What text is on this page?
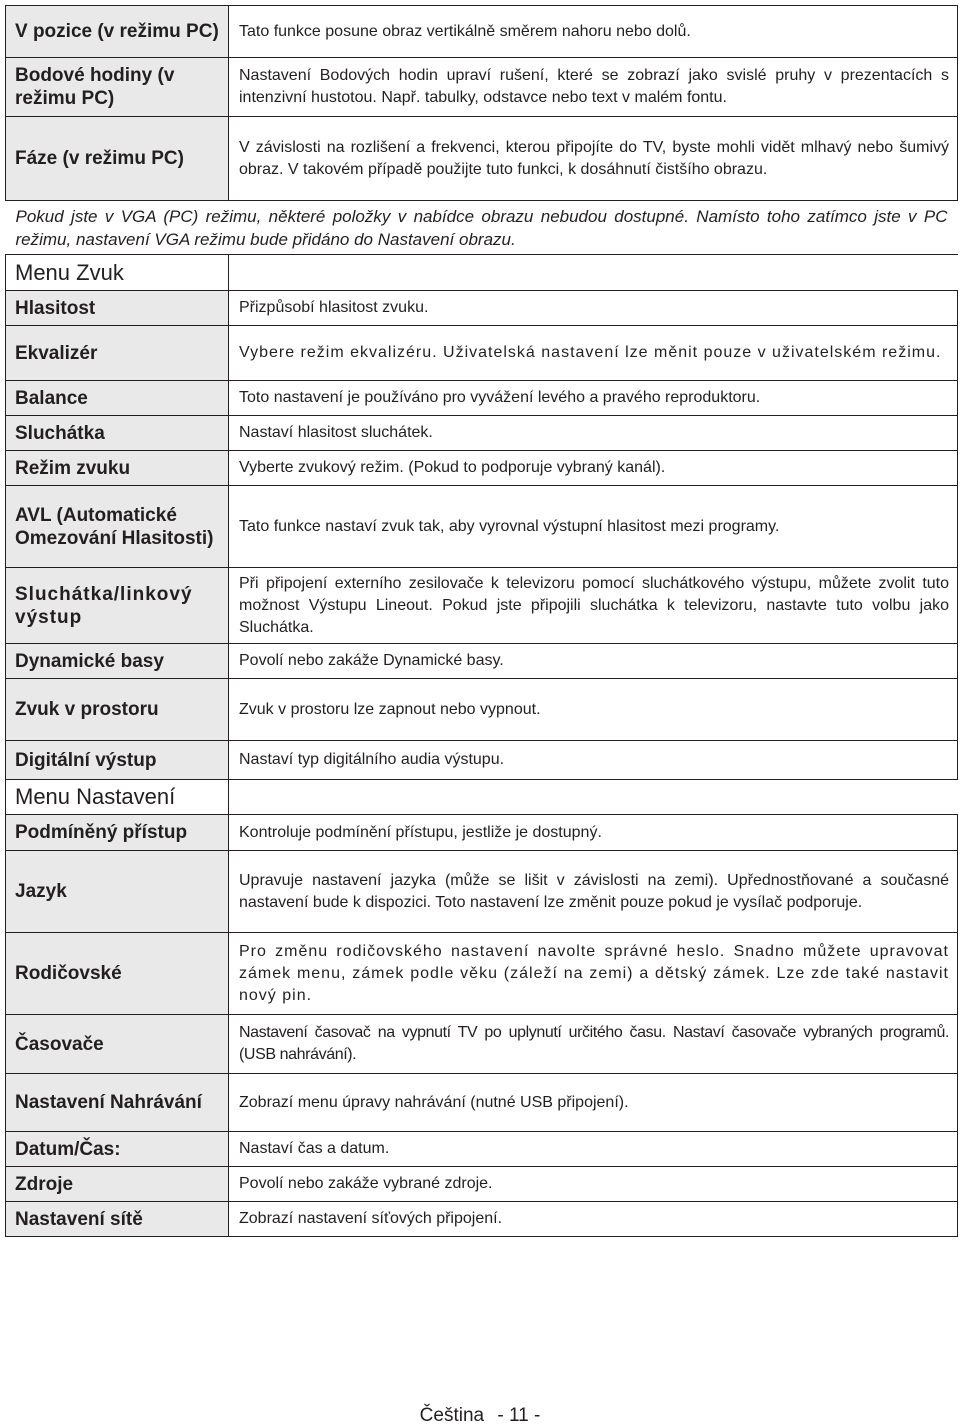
V pozice (v režimu PC)	Tato funkce posune obraz vertikálně směrem nahoru nebo dolů.
Bodové hodiny (v režimu PC)	Nastavení Bodových hodin upraví rušení, které se zobrazí jako svislé pruhy v prezentacích s intenzivní hustotou. Např. tabulky, odstavce nebo text v malém fontu.
Fáze (v režimu PC)	V závislosti na rozlišení a frekvenci, kterou připojíte do TV, byste mohli vidět mlhavý nebo šumivý obraz. V takovém případě použijte tuto funkci, k dosáhnutí čistšího obrazu.
Pokud jste v VGA (PC) režimu, některé položky v nabídce obrazu nebudou dostupné. Namísto toho zatímco jste v PC režimu, nastavení VGA režimu bude přidáno do Nastavení obrazu.	
Menu Zvuk	
Hlasitost	Přizpůsobí hlasitost zvuku.
Ekvalizér	Vybere režim ekvalizéru. Uživatelská nastavení lze měnit pouze v uživatelském režimu.
Balance	Toto nastavení je používáno pro vyvážení levého a pravého reproduktoru.
Sluchátka	Nastaví hlasitost sluchátek.
Režim zvuku	Vyberte zvukový režim. (Pokud to podporuje vybraný kanál).
AVL (Automatické Omezování Hlasitosti)	Tato funkce nastaví zvuk tak, aby vyrovnal výstupní hlasitost mezi programy.
Sluchátka/linkový výstup	Při připojení externího zesilovače k televizoru pomocí sluchátkového výstupu, můžete zvolit tuto možnost Výstupu Lineout. Pokud jste připojili sluchátka k televizoru, nastavte tuto volbu jako Sluchátka.
Dynamické basy	Povolí nebo zakáže Dynamické basy.
Zvuk v prostoru	Zvuk v prostoru lze zapnout nebo vypnout.
Digitální výstup	Nastaví typ digitálního audia výstupu.
Menu Nastavení	
Podmíněný přístup	Kontroluje podmínění přístupu, jestliže je dostupný.
Jazyk	Upravuje nastavení jazyka (může se lišit v závislosti na zemi). Upřednostňované a současné nastavení bude k dispozici. Toto nastavení lze změnit pouze pokud je vysílač podporuje.
Rodičovské	Pro změnu rodičovského nastavení navolte správné heslo. Snadno můžete upravovat zámek menu, zámek podle věku (záleží na zemi) a dětský zámek. Lze zde také nastavit nový pin.
Časovače	Nastavení časovač na vypnutí TV po uplynutí určitého času. Nastaví časovače vybraných programů. (USB nahrávání).
Nastavení Nahrávání	Zobrazí menu úpravy nahrávání (nutné USB připojení).
Datum/Čas:	Nastaví čas a datum.
Zdroje	Povolí nebo zakáže vybrané zdroje.
Nastavení sítě	Zobrazí nastavení síťových připojení.
Čeština - 11 -
